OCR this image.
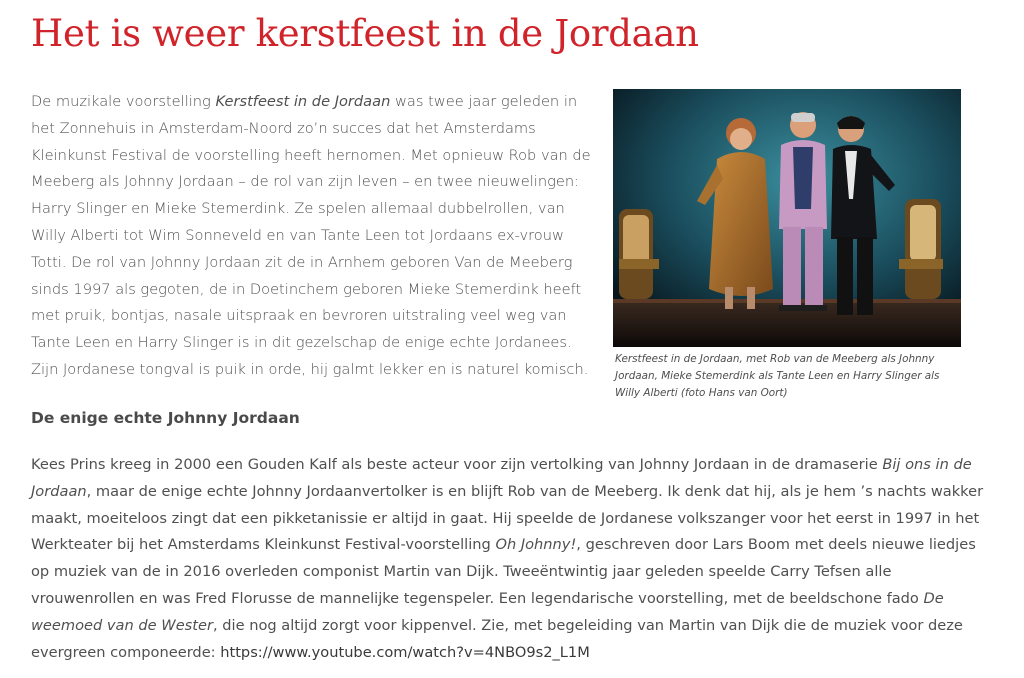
Het is weer kerstfeest in de Jordaan

De muzikale voorstelling Kerstfeest in de Jordaan was twee jaar geleden in het Zonnehuis in Amsterdam-Noord zo’n succes dat het Amsterdams Kleinkunst Festival de voorstelling heeft hernomen. Met opnieuw Rob van de Meeberg als Johnny Jordaan – de rol van zijn leven – en twee nieuwelingen: Harry Slinger en Mieke Stemerdink. Ze spelen allemaal dubbelrollen, van Willy Alberti tot Wim Sonneveld en van Tante Leen tot Jordaans ex-vrouw Totti. De rol van Johnny Jordaan zit de in Arnhem geboren Van de Meeberg sinds 1997 als gegoten, de in Doetinchem geboren Mieke Stemerdink heeft met pruik, bontjas, nasale uitspraak en bevroren uitstraling veel weg van Tante Leen en Harry Slinger is in dit gezelschap de enige echte Jordanees. Zijn Jordanese tongval is puik in orde, hij galmt lekker en is naturel komisch.

Kerstfeest in de Jordaan, met Rob van de Meeberg als Johnny Jordaan, Mieke Stemerdink als Tante Leen en Harry Slinger als Willy Alberti (foto Hans van Oort)
De enige echte Johnny Jordaan

Kees Prins kreeg in 2000 een Gouden Kalf als beste acteur voor zijn vertolking van Johnny Jordaan in de dramaserie Bij ons in de Jordaan, maar de enige echte Johnny Jordaanvertolker is en blijft Rob van de Meeberg. Ik denk dat hij, als je hem ’s nachts wakker maakt, moeiteloos zingt dat een pikketanissie er altijd in gaat. Hij speelde de Jordanese volkszanger voor het eerst in 1997 in het Werkteater bij het Amsterdams Kleinkunst Festival-voorstelling Oh Johnny!, geschreven door Lars Boom met deels nieuwe liedjes op muziek van de in 2016 overleden componist Martin van Dijk. Tweeëntwintig jaar geleden speelde Carry Tefsen alle vrouwenrollen en was Fred Florusse de mannelijke tegenspeler. Een legendarische voorstelling, met de beeldschone fado De weemoed van de Wester, die nog altijd zorgt voor kippenvel. Zie, met begeleiding van Martin van Dijk die de muziek voor deze evergreen componeerde: https://www.youtube.com/watch?v=4NBO9s2_L1M
